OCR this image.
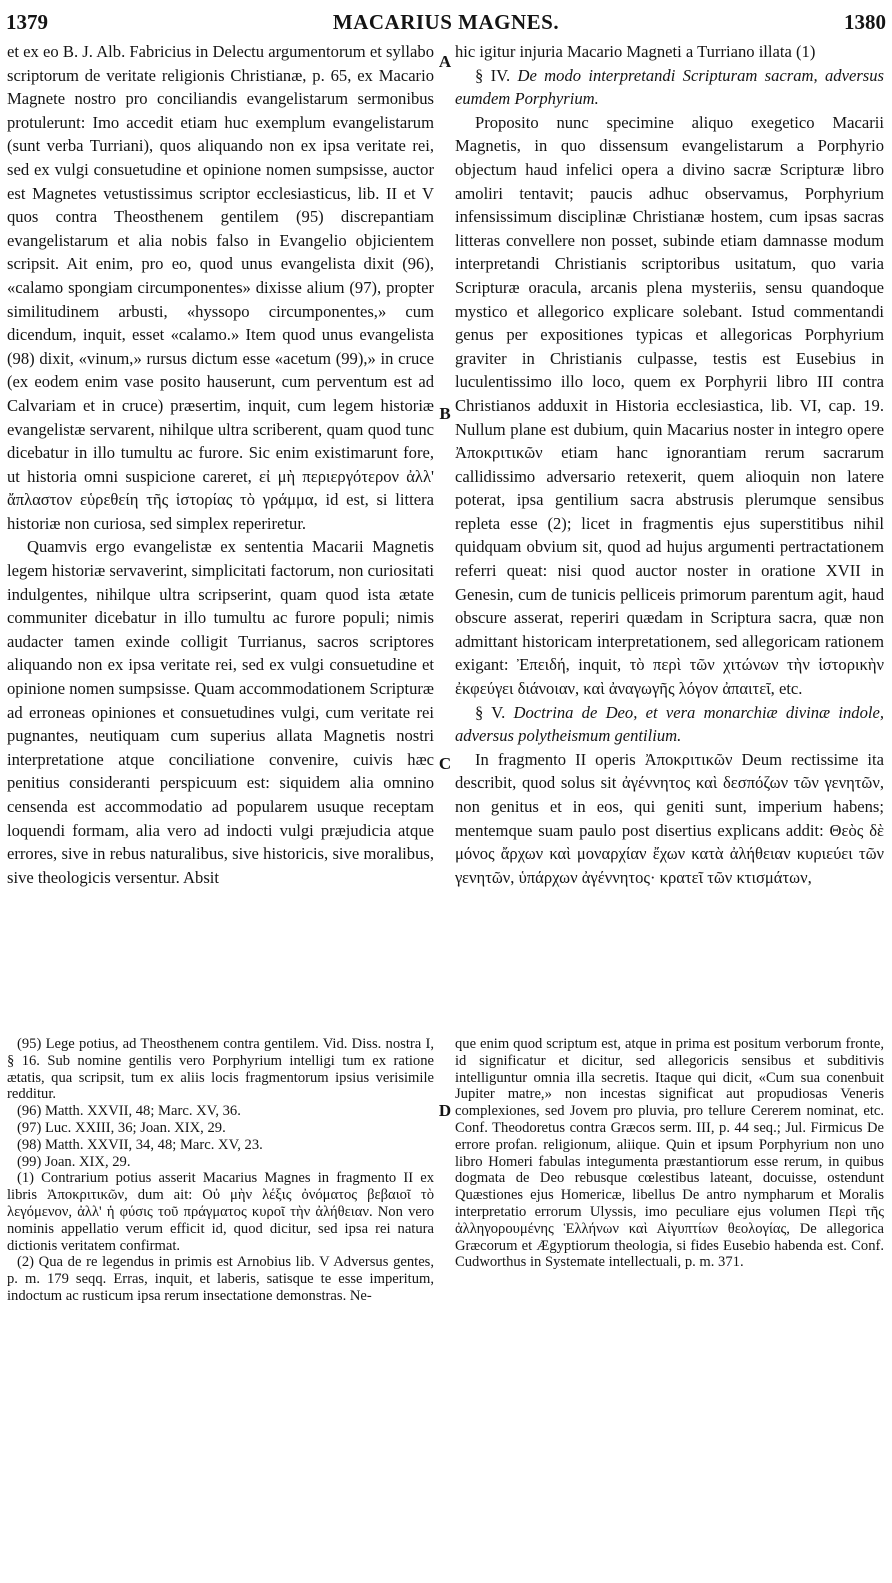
1379	MACARIUS MAGNES.	1380
A
B
C
D

et ex eo B. J. Alb. Fabricius in Delectu argumentorum et syllabo scriptorum de veritate religionis Christianæ, p. 65, ex Macario Magnete nostro pro conciliandis evangelistarum sermonibus protulerunt: Imo accedit etiam huc exemplum evangelistarum (sunt verba Turriani), quos aliquando non ex ipsa veritate rei, sed ex vulgi consuetudine et opinione nomen sumpsisse, auctor est Magnetes vetustissimus scriptor ecclesiasticus, lib. II et V quos contra Theosthenem gentilem (95) discrepantiam evangelistarum et alia nobis falso in Evangelio objicientem scripsit. Ait enim, pro eo, quod unus evangelista dixit (96), «calamo spongiam circumponentes» dixisse alium (97), propter similitudinem arbusti, «hyssopo circumponentes,» cum dicendum, inquit, esset «calamo.» Item quod unus evangelista (98) dixit, «vinum,» rursus dictum esse «acetum (99),» in cruce (ex eodem enim vase posito hauserunt, cum perventum est ad Calvariam et in cruce) præsertim, inquit, cum legem historiæ evangelistæ servarent, nihilque ultra scriberent, quam quod tunc dicebatur in illo tumultu ac furore. Sic enim existimarunt fore, ut historia omni suspicione careret, εἰ μὴ περιεργότερον ἀλλ' ἄπλαστον εὑρεθείη τῆς ἱστορίας τὸ γράμμα, id est, si littera historiæ non curiosa, sed simplex reperiretur.

Quamvis ergo evangelistæ ex sententia Macarii Magnetis legem historiæ servaverint, simplicitati factorum, non curiositati indulgentes, nihilque ultra scripserint, quam quod ista ætate communiter dicebatur in illo tumultu ac furore populi; nimis audacter tamen exinde colligit Turrianus, sacros scriptores aliquando non ex ipsa veritate rei, sed ex vulgi consuetudine et opinione nomen sumpsisse. Quam accommodationem Scripturæ ad erroneas opiniones et consuetudines vulgi, cum veritate rei pugnantes, neutiquam cum superius allata Magnetis nostri interpretatione atque conciliatione convenire, cuivis hæc penitius consideranti perspicuum est: siquidem alia omnino censenda est accommodatio ad popularem usuque receptam loquendi formam, alia vero ad indocti vulgi præjudicia atque errores, sive in rebus naturalibus, sive historicis, sive moralibus, sive theologicis versentur. Absit

hic igitur injuria Macario Magneti a Turriano illata (1)

§ IV. De modo interpretandi Scripturam sacram, adversus eumdem Porphyrium.

Proposito nunc specimine aliquo exegetico Macarii Magnetis, in quo dissensum evangelistarum a Porphyrio objectum haud infelici opera a divino sacræ Scripturæ libro amoliri tentavit; paucis adhuc observamus, Porphyrium infensissimum disciplinæ Christianæ hostem, cum ipsas sacras litteras convellere non posset, subinde etiam damnasse modum interpretandi Christianis scriptoribus usitatum, quo varia Scripturæ oracula, arcanis plena mysteriis, sensu quandoque mystico et allegorico explicare solebant. Istud commentandi genus per expositiones typicas et allegoricas Porphyrium graviter in Christianis culpasse, testis est Eusebius in luculentissimo illo loco, quem ex Porphyrii libro III contra Christianos adduxit in Historia ecclesiastica, lib. VI, cap. 19. Nullum plane est dubium, quin Macarius noster in integro opere Ἀποκριτικῶν etiam hanc ignorantiam rerum sacrarum callidissimo adversario retexerit, quem alioquin non latere poterat, ipsa gentilium sacra abstrusis plerumque sensibus repleta esse (2); licet in fragmentis ejus superstitibus nihil quidquam obvium sit, quod ad hujus argumenti pertractationem referri queat: nisi quod auctor noster in oratione XVII in Genesin, cum de tunicis pelliceis primorum parentum agit, haud obscure asserat, reperiri quædam in Scriptura sacra, quæ non admittant historicam interpretationem, sed allegoricam rationem exigant: Ἐπειδή, inquit, τὸ περὶ τῶν χιτώνων τὴν ἱστορικὴν ἐκφεύγει διάνοιαν, καὶ ἀναγωγῆς λόγον ἀπαιτεῖ, etc.

§ V. Doctrina de Deo, et vera monarchiæ divinæ indole, adversus polytheismum gentilium.

In fragmento II operis Ἀποκριτικῶν Deum rectissime ita describit, quod solus sit ἀγέννητος καὶ δεσπόζων τῶν γενητῶν, non genitus et in eos, qui geniti sunt, imperium habens; mentemque suam paulo post disertius explicans addit: Θεὸς δὲ μόνος ἄρχων καὶ μοναρχίαν ἔχων κατὰ ἀλήθειαν κυριεύει τῶν γενητῶν, ὑπάρχων ἀγέννητος· κρατεῖ τῶν κτισμάτων,

(95) Lege potius, ad Theosthenem contra gentilem. Vid. Diss. nostra I, § 16. Sub nomine gentilis vero Porphyrium intelligi tum ex ratione ætatis, qua scripsit, tum ex aliis locis fragmentorum ipsius verisimile redditur.

(96) Matth. XXVII, 48; Marc. XV, 36.

(97) Luc. XXIII, 36; Joan. XIX, 29.

(98) Matth. XXVII, 34, 48; Marc. XV, 23.

(99) Joan. XIX, 29.

(1) Contrarium potius asserit Macarius Magnes in fragmento II ex libris Ἀποκριτικῶν, dum ait: Οὐ μὴν λέξις ὀνόματος βεβαιοῖ τὸ λεγόμενον, ἀλλ' ἡ φύσις τοῦ πράγματος κυροῖ τὴν ἀλήθειαν. Non vero nominis appellatio verum efficit id, quod dicitur, sed ipsa rei natura dictionis veritatem confirmat.

(2) Qua de re legendus in primis est Arnobius lib. V Adversus gentes, p. m. 179 seqq. Erras, inquit, et laberis, satisque te esse imperitum, indoctum ac rusticum ipsa rerum insectatione demonstras. Ne-

que enim quod scriptum est, atque in prima est positum verborum fronte, id significatur et dicitur, sed allegoricis sensibus et subditivis intelliguntur omnia illa secretis. Itaque qui dicit, «Cum sua conenbuit Jupiter matre,» non incestas significat aut propudiosas Veneris complexiones, sed Jovem pro pluvia, pro tellure Cererem nominat, etc. Conf. Theodoretus contra Græcos serm. III, p. 44 seq.; Jul. Firmicus De errore profan. religionum, aliique. Quin et ipsum Porphyrium non uno libro Homeri fabulas integumenta præstantiorum esse rerum, in quibus dogmata de Deo rebusque cœlestibus lateant, docuisse, ostendunt Quæstiones ejus Homericæ, libellus De antro nympharum et Moralis interpretatio errorum Ulyssis, imo peculiare ejus volumen Περὶ τῆς ἀλληγορουμένης Ἑλλήνων καὶ Αἰγυπτίων θεολογίας, De allegorica Græcorum et Ægyptiorum theologia, si fides Eusebio habenda est. Conf. Cudworthus in Systemate intellectuali, p. m. 371.
